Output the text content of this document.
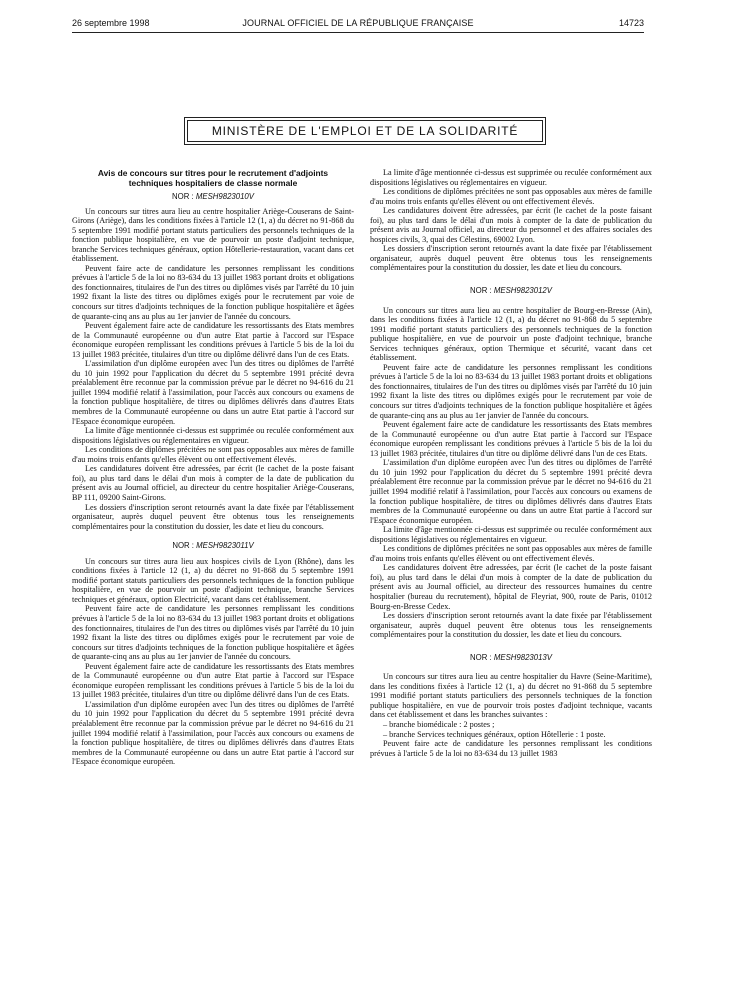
26 septembre 1998	JOURNAL OFFICIEL DE LA RÉPUBLIQUE FRANÇAISE	14723
MINISTÈRE DE L'EMPLOI ET DE LA SOLIDARITÉ
Avis de concours sur titres pour le recrutement d'adjoints techniques hospitaliers de classe normale
NOR : MESH9823010V

Un concours sur titres aura lieu au centre hospitalier Ariège-Couserans de Saint-Girons (Ariège), dans les conditions fixées à l'article 12 (1, a) du décret no 91-868 du 5 septembre 1991 modifié portant statuts particuliers des personnels techniques de la fonction publique hospitalière, en vue de pourvoir un poste d'adjoint technique, branche Services techniques généraux, option Hôtellerie-restauration, vacant dans cet établissement.

Peuvent faire acte de candidature les personnes remplissant les conditions prévues à l'article 5 de la loi no 83-634 du 13 juillet 1983 portant droits et obligations des fonctionnaires, titulaires de l'un des titres ou diplômes visés par l'arrêté du 10 juin 1992 fixant la liste des titres ou diplômes exigés pour le recrutement par voie de concours sur titres d'adjoints techniques de la fonction publique hospitalière et âgées de quarante-cinq ans au plus au 1er janvier de l'année du concours.

Peuvent également faire acte de candidature les ressortissants des Etats membres de la Communauté européenne ou d'un autre Etat partie à l'accord sur l'Espace économique européen remplissant les conditions prévues à l'article 5 bis de la loi du 13 juillet 1983 précitée, titulaires d'un titre ou diplôme délivré dans l'un de ces Etats.

L'assimilation d'un diplôme européen avec l'un des titres ou diplômes de l'arrêté du 10 juin 1992 pour l'application du décret du 5 septembre 1991 précité devra préalablement être reconnue par la commission prévue par le décret no 94-616 du 21 juillet 1994 modifié relatif à l'assimilation, pour l'accès aux concours ou examens de la fonction publique hospitalière, de titres ou diplômes délivrés dans d'autres Etats membres de la Communauté européenne ou dans un autre Etat partie à l'accord sur l'Espace économique européen.

La limite d'âge mentionnée ci-dessus est supprimée ou reculée conformément aux dispositions législatives ou réglementaires en vigueur.

Les conditions de diplômes précitées ne sont pas opposables aux mères de famille d'au moins trois enfants qu'elles élèvent ou ont effectivement élevés.

Les candidatures doivent être adressées, par écrit (le cachet de la poste faisant foi), au plus tard dans le délai d'un mois à compter de la date de publication du présent avis au Journal officiel, au directeur du centre hospitalier Ariège-Couserans, BP 111, 09200 Saint-Girons.

Les dossiers d'inscription seront retournés avant la date fixée par l'établissement organisateur, auprès duquel peuvent être obtenus tous les renseignements complémentaires pour la constitution du dossier, les date et lieu du concours.

NOR : MESH9823011V

Un concours sur titres aura lieu aux hospices civils de Lyon (Rhône), dans les conditions fixées à l'article 12 (1, a) du décret no 91-868 du 5 septembre 1991 modifié portant statuts particuliers des personnels techniques de la fonction publique hospitalière, en vue de pourvoir un poste d'adjoint technique, branche Services techniques et généraux, option Electricité, vacant dans cet établissement.

Peuvent faire acte de candidature les personnes remplissant les conditions prévues à l'article 5 de la loi no 83-634 du 13 juillet 1983 portant droits et obligations des fonctionnaires, titulaires de l'un des titres ou diplômes visés par l'arrêté du 10 juin 1992 fixant la liste des titres ou diplômes exigés pour le recrutement par voie de concours sur titres d'adjoints techniques de la fonction publique hospitalière et âgées de quarante-cinq ans au plus au 1er janvier de l'année du concours.

Peuvent également faire acte de candidature les ressortissants des Etats membres de la Communauté européenne ou d'un autre Etat partie à l'accord sur l'Espace économique européen remplissant les conditions prévues à l'article 5 bis de la loi du 13 juillet 1983 précitée, titulaires d'un titre ou diplôme délivré dans l'un de ces Etats.

L'assimilation d'un diplôme européen avec l'un des titres ou diplômes de l'arrêté du 10 juin 1992 pour l'application du décret du 5 septembre 1991 précité devra préalablement être reconnue par la commission prévue par le décret no 94-616 du 21 juillet 1994 modifié relatif à l'assimilation, pour l'accès aux concours ou examens de la fonction publique hospitalière, de titres ou diplômes délivrés dans d'autres Etats membres de la Communauté européenne ou dans un autre Etat partie à l'accord sur l'Espace économique européen.

La limite d'âge mentionnée ci-dessus est supprimée ou reculée conformément aux dispositions législatives ou réglementaires en vigueur.

Les conditions de diplômes précitées ne sont pas opposables aux mères de famille d'au moins trois enfants qu'elles élèvent ou ont effectivement élevés.

Les candidatures doivent être adressées, par écrit (le cachet de la poste faisant foi), au plus tard dans le délai d'un mois à compter de la date de publication du présent avis au Journal officiel, au directeur du personnel et des affaires sociales des hospices civils, 3, quai des Célestins, 69002 Lyon.

Les dossiers d'inscription seront retournés avant la date fixée par l'établissement organisateur, auprès duquel peuvent être obtenus tous les renseignements complémentaires pour la constitution du dossier, les date et lieu du concours.

NOR : MESH9823012V

Un concours sur titres aura lieu au centre hospitalier de Bourg-en-Bresse (Ain), dans les conditions fixées à l'article 12 (1, a) du décret no 91-868 du 5 septembre 1991 modifié portant statuts particuliers des personnels techniques de la fonction publique hospitalière, en vue de pourvoir un poste d'adjoint technique, branche Services techniques généraux, option Thermique et sécurité, vacant dans cet établissement.

Peuvent faire acte de candidature les personnes remplissant les conditions prévues à l'article 5 de la loi no 83-634 du 13 juillet 1983 portant droits et obligations des fonctionnaires, titulaires de l'un des titres ou diplômes visés par l'arrêté du 10 juin 1992 fixant la liste des titres ou diplômes exigés pour le recrutement par voie de concours sur titres d'adjoints techniques de la fonction publique hospitalière et âgées de quarante-cinq ans au plus au 1er janvier de l'année du concours.

Peuvent également faire acte de candidature les ressortissants des Etats membres de la Communauté européenne ou d'un autre Etat partie à l'accord sur l'Espace économique européen remplissant les conditions prévues à l'article 5 bis de la loi du 13 juillet 1983 précitée, titulaires d'un titre ou diplôme délivré dans l'un de ces Etats.

L'assimilation d'un diplôme européen avec l'un des titres ou diplômes de l'arrêté du 10 juin 1992 pour l'application du décret du 5 septembre 1991 précité devra préalablement être reconnue par la commission prévue par le décret no 94-616 du 21 juillet 1994 modifié relatif à l'assimilation, pour l'accès aux concours ou examens de la fonction publique hospitalière, de titres ou diplômes délivrés dans d'autres Etats membres de la Communauté européenne ou dans un autre Etat partie à l'accord sur l'Espace économique européen.

La limite d'âge mentionnée ci-dessus est supprimée ou reculée conformément aux dispositions législatives ou réglementaires en vigueur.

Les conditions de diplômes précitées ne sont pas opposables aux mères de famille d'au moins trois enfants qu'elles élèvent ou ont effectivement élevés.

Les candidatures doivent être adressées, par écrit (le cachet de la poste faisant foi), au plus tard dans le délai d'un mois à compter de la date de publication du présent avis au Journal officiel, au directeur des ressources humaines du centre hospitalier (bureau du recrutement), hôpital de Fleyriat, 900, route de Paris, 01012 Bourg-en-Bresse Cedex.

Les dossiers d'inscription seront retournés avant la date fixée par l'établissement organisateur, auprès duquel peuvent être obtenus tous les renseignements complémentaires pour la constitution du dossier, les date et lieu du concours.

NOR : MESH9823013V

Un concours sur titres aura lieu au centre hospitalier du Havre (Seine-Maritime), dans les conditions fixées à l'article 12 (1, a) du décret no 91-868 du 5 septembre 1991 modifié portant statuts particuliers des personnels techniques de la fonction publique hospitalière, en vue de pourvoir trois postes d'adjoint technique, vacants dans cet établissement et dans les branches suivantes :

– branche biomédicale : 2 postes ;

– branche Services techniques généraux, option Hôtellerie : 1 poste.

Peuvent faire acte de candidature les personnes remplissant les conditions prévues à l'article 5 de la loi no 83-634 du 13 juillet 1983
